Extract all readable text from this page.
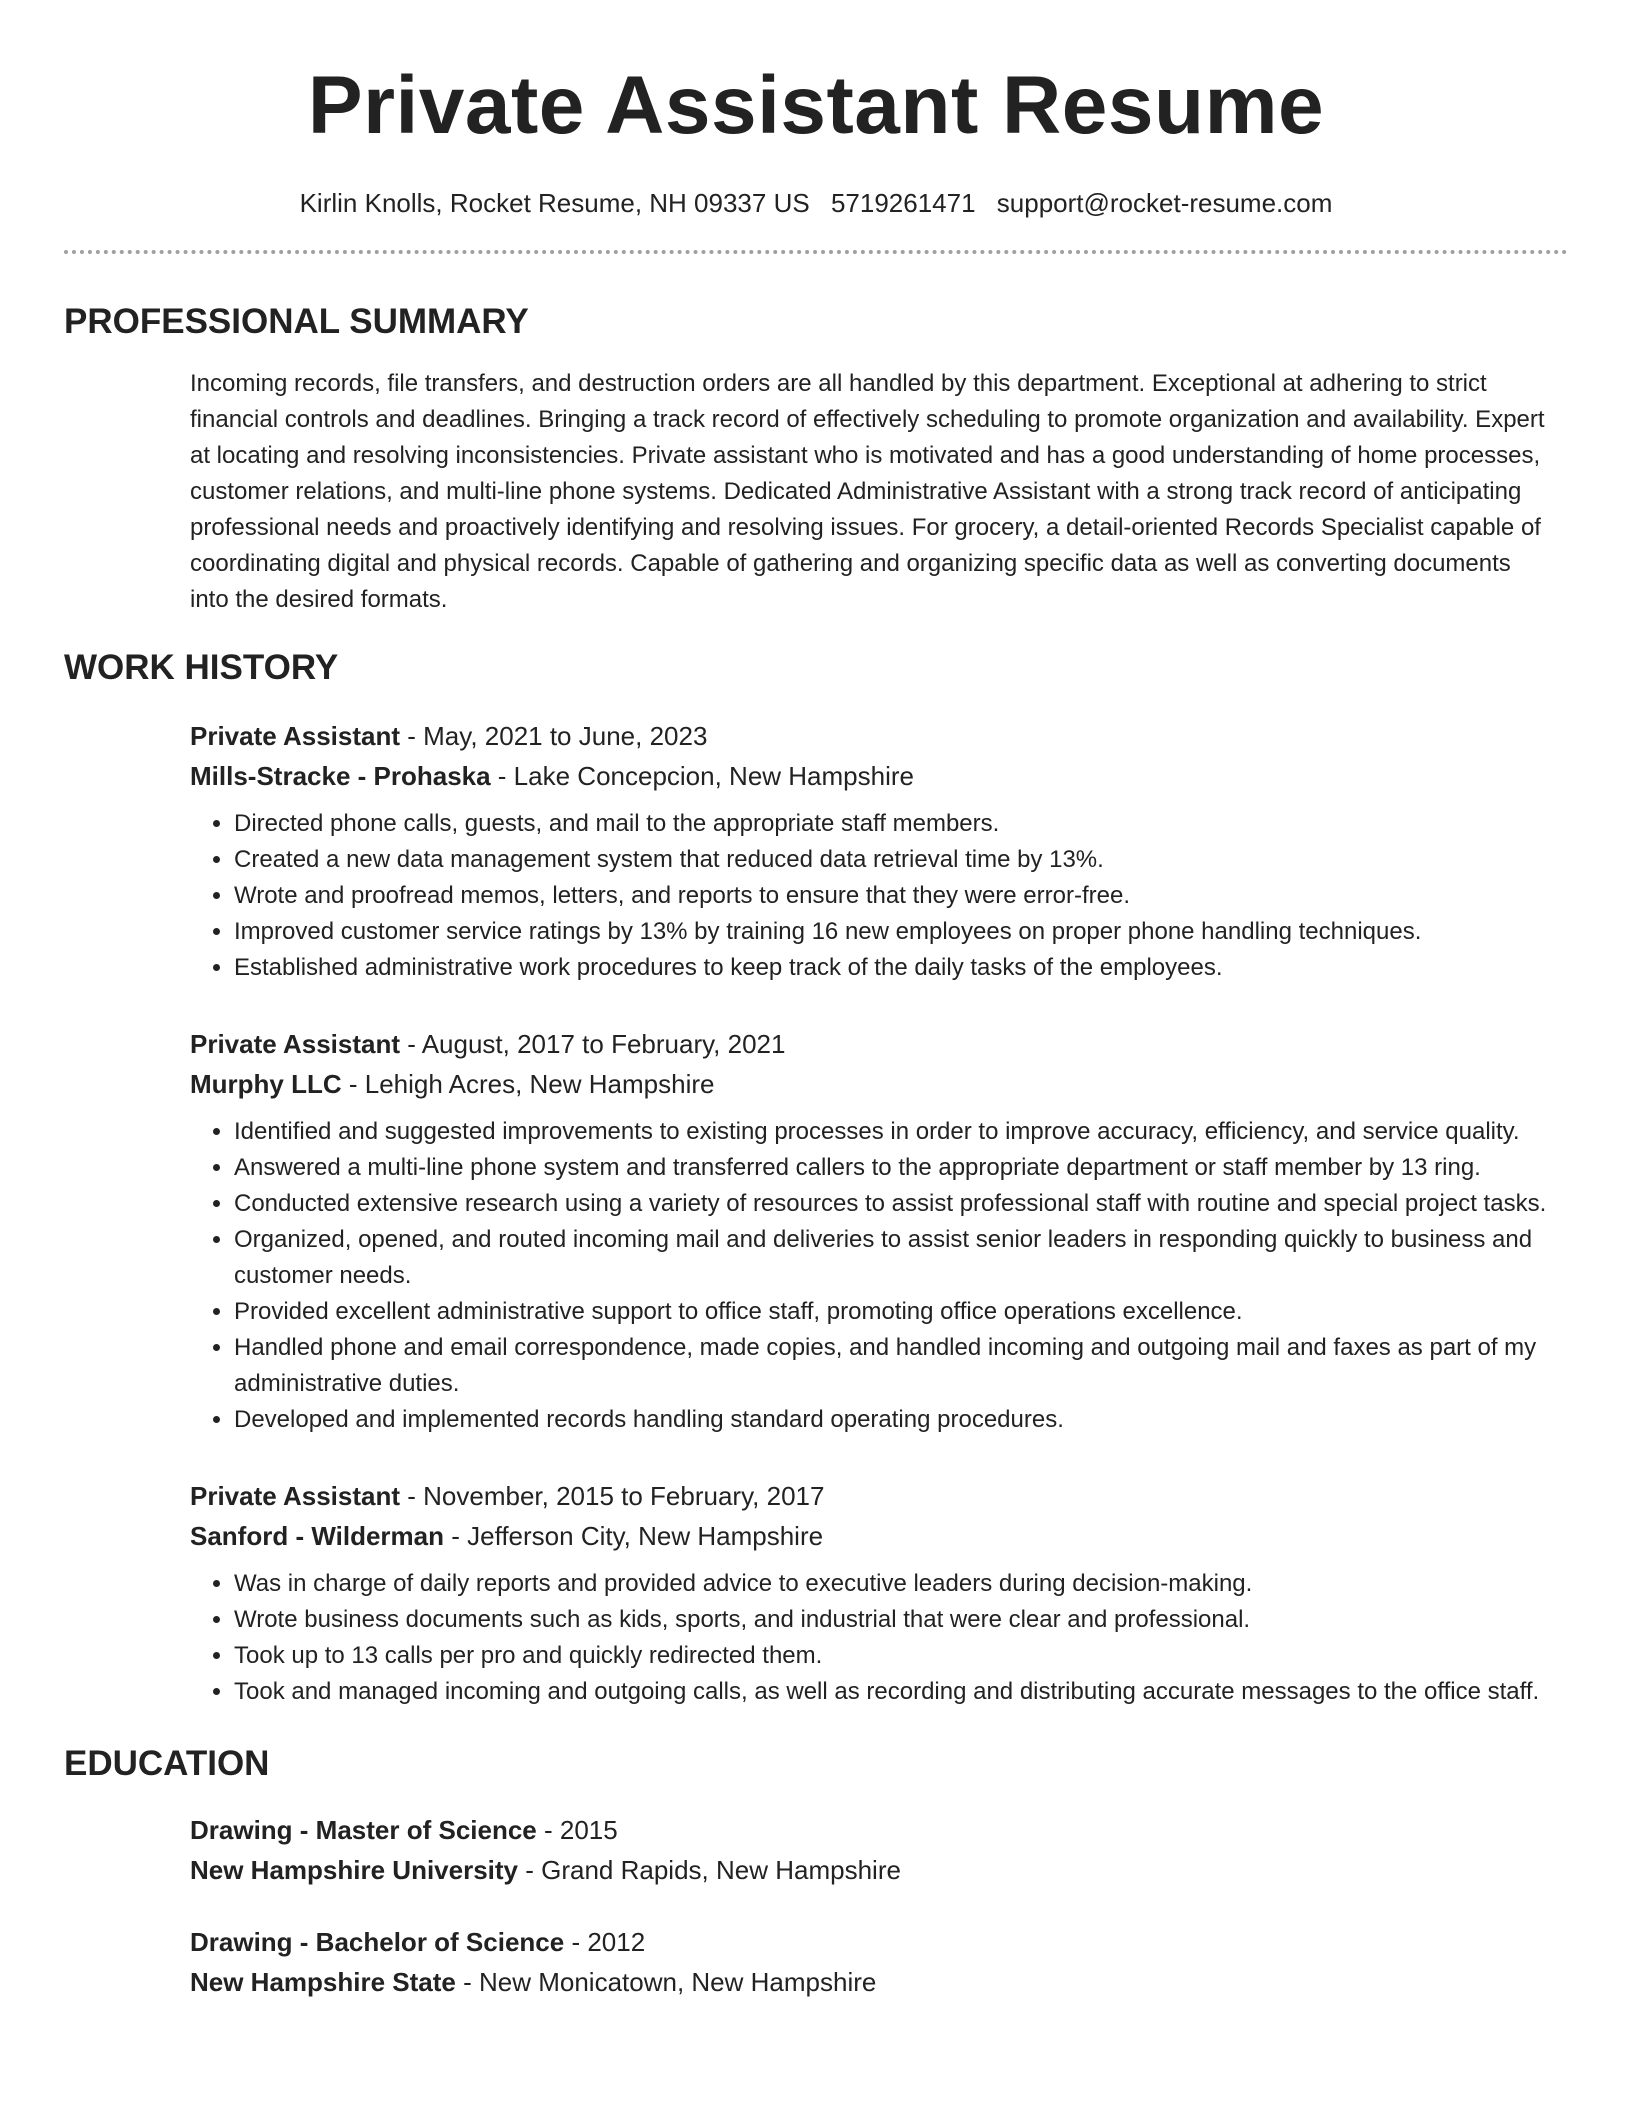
Private Assistant Resume
Kirlin Knolls, Rocket Resume, NH 09337 US 5719261471 support@rocket-resume.com
PROFESSIONAL SUMMARY
Incoming records, file transfers, and destruction orders are all handled by this department. Exceptional at adhering to strict financial controls and deadlines. Bringing a track record of effectively scheduling to promote organization and availability. Expert at locating and resolving inconsistencies. Private assistant who is motivated and has a good understanding of home processes, customer relations, and multi-line phone systems. Dedicated Administrative Assistant with a strong track record of anticipating professional needs and proactively identifying and resolving issues. For grocery, a detail-oriented Records Specialist capable of coordinating digital and physical records. Capable of gathering and organizing specific data as well as converting documents into the desired formats.
WORK HISTORY
Private Assistant - May, 2021 to June, 2023
Mills-Stracke - Prohaska - Lake Concepcion, New Hampshire
• Directed phone calls, guests, and mail to the appropriate staff members.
• Created a new data management system that reduced data retrieval time by 13%.
• Wrote and proofread memos, letters, and reports to ensure that they were error-free.
• Improved customer service ratings by 13% by training 16 new employees on proper phone handling techniques.
• Established administrative work procedures to keep track of the daily tasks of the employees.
Private Assistant - August, 2017 to February, 2021
Murphy LLC - Lehigh Acres, New Hampshire
• Identified and suggested improvements to existing processes in order to improve accuracy, efficiency, and service quality.
• Answered a multi-line phone system and transferred callers to the appropriate department or staff member by 13 ring.
• Conducted extensive research using a variety of resources to assist professional staff with routine and special project tasks.
• Organized, opened, and routed incoming mail and deliveries to assist senior leaders in responding quickly to business and customer needs.
• Provided excellent administrative support to office staff, promoting office operations excellence.
• Handled phone and email correspondence, made copies, and handled incoming and outgoing mail and faxes as part of my administrative duties.
• Developed and implemented records handling standard operating procedures.
Private Assistant - November, 2015 to February, 2017
Sanford - Wilderman - Jefferson City, New Hampshire
• Was in charge of daily reports and provided advice to executive leaders during decision-making.
• Wrote business documents such as kids, sports, and industrial that were clear and professional.
• Took up to 13 calls per pro and quickly redirected them.
• Took and managed incoming and outgoing calls, as well as recording and distributing accurate messages to the office staff.
EDUCATION
Drawing - Master of Science - 2015
New Hampshire University - Grand Rapids, New Hampshire
Drawing - Bachelor of Science - 2012
New Hampshire State - New Monicatown, New Hampshire
